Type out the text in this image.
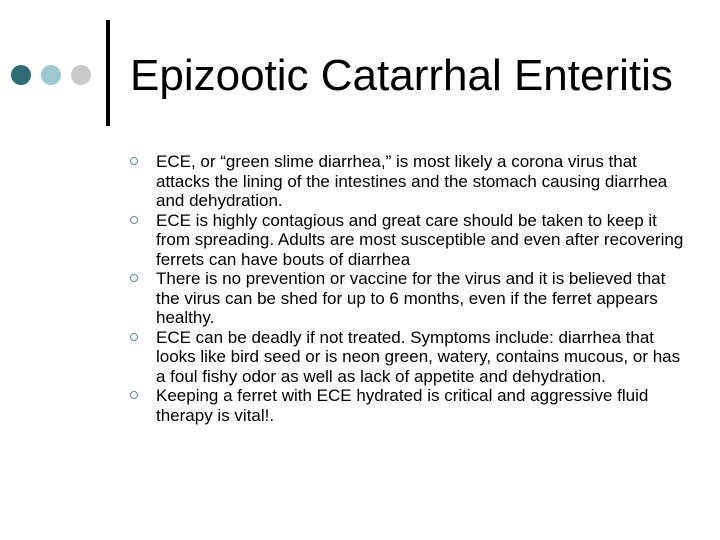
Epizootic Catarrhal Enteritis
ECE, or “green slime diarrhea,” is most likely a corona virus that attacks the lining of the intestines and the stomach causing diarrhea and dehydration.
ECE is highly contagious and great care should be taken to keep it from spreading. Adults are most susceptible and even after recovering ferrets can have bouts of diarrhea
There is no prevention or vaccine for the virus and it is believed that the virus can be shed for up to 6 months, even if the ferret appears healthy.
ECE can be deadly if not treated. Symptoms include: diarrhea that looks like bird seed or is neon green, watery, contains mucous, or has a foul fishy odor as well as lack of appetite and dehydration.
Keeping a ferret with ECE hydrated is critical and aggressive fluid therapy is vital!.
